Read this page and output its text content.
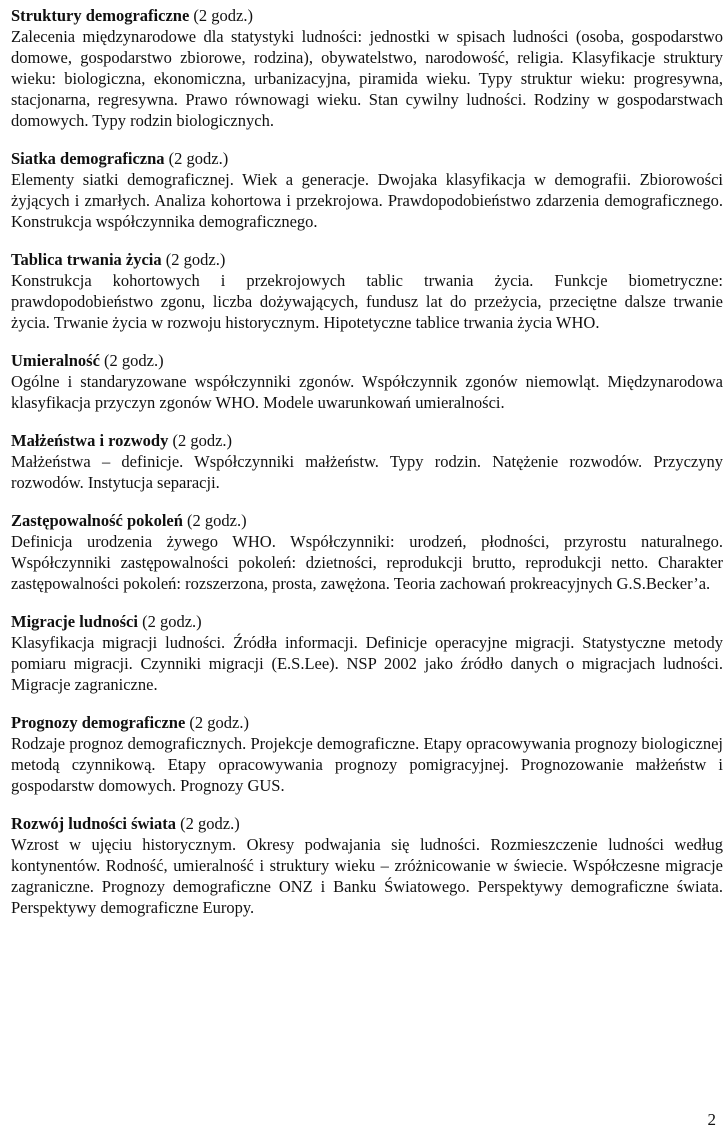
Struktury demograficzne (2 godz.)

Zalecenia międzynarodowe dla statystyki ludności: jednostki w spisach ludności (osoba, gospodarstwo domowe, gospodarstwo zbiorowe, rodzina), obywatelstwo, narodowość, religia. Klasyfikacje struktury wieku: biologiczna, ekonomiczna, urbanizacyjna, piramida wieku. Typy struktur wieku: progresywna, stacjonarna, regresywna. Prawo równowagi wieku. Stan cywilny ludności. Rodziny w gospodarstwach domowych. Typy rodzin biologicznych.

Siatka demograficzna (2 godz.)

Elementy siatki demograficznej. Wiek a generacje. Dwojaka klasyfikacja w demografii. Zbiorowości żyjących i zmarłych. Analiza kohortowa i przekrojowa. Prawdopodobieństwo zdarzenia demograficznego. Konstrukcja współczynnika demograficznego.

Tablica trwania życia (2 godz.)

Konstrukcja kohortowych i przekrojowych tablic trwania życia. Funkcje biometryczne: prawdopodobieństwo zgonu, liczba dożywających, fundusz lat do przeżycia, przeciętne dalsze trwanie życia. Trwanie życia w rozwoju historycznym. Hipotetyczne tablice trwania życia WHO.

Umieralność (2 godz.)

Ogólne i standaryzowane współczynniki zgonów. Współczynnik zgonów niemowląt. Międzynarodowa klasyfikacja przyczyn zgonów WHO. Modele uwarunkowań umieralności.

Małżeństwa i rozwody (2 godz.)

Małżeństwa – definicje. Współczynniki małżeństw. Typy rodzin. Natężenie rozwodów. Przyczyny rozwodów. Instytucja separacji.

Zastępowalność pokoleń (2 godz.)

Definicja urodzenia żywego WHO. Współczynniki: urodzeń, płodności, przyrostu naturalnego. Współczynniki zastępowalności pokoleń: dzietności, reprodukcji brutto, reprodukcji netto. Charakter zastępowalności pokoleń: rozszerzona, prosta, zawężona. Teoria zachowań prokreacyjnych G.S.Becker’a.

Migracje ludności (2 godz.)

Klasyfikacja migracji ludności. Źródła informacji. Definicje operacyjne migracji. Statystyczne metody pomiaru migracji. Czynniki migracji (E.S.Lee). NSP 2002 jako źródło danych o migracjach ludności. Migracje zagraniczne.

Prognozy demograficzne (2 godz.)

Rodzaje prognoz demograficznych. Projekcje demograficzne. Etapy opracowywania prognozy biologicznej metodą czynnikową. Etapy opracowywania prognozy pomigracyjnej. Prognozowanie małżeństw i gospodarstw domowych. Prognozy GUS.

Rozwój ludności świata (2 godz.)

Wzrost w ujęciu historycznym. Okresy podwajania się ludności. Rozmieszczenie ludności według kontynentów. Rodność, umieralność i struktury wieku – zróżnicowanie w świecie. Współczesne migracje zagraniczne. Prognozy demograficzne ONZ i Banku Światowego. Perspektywy demograficzne świata. Perspektywy demograficzne Europy.

2
